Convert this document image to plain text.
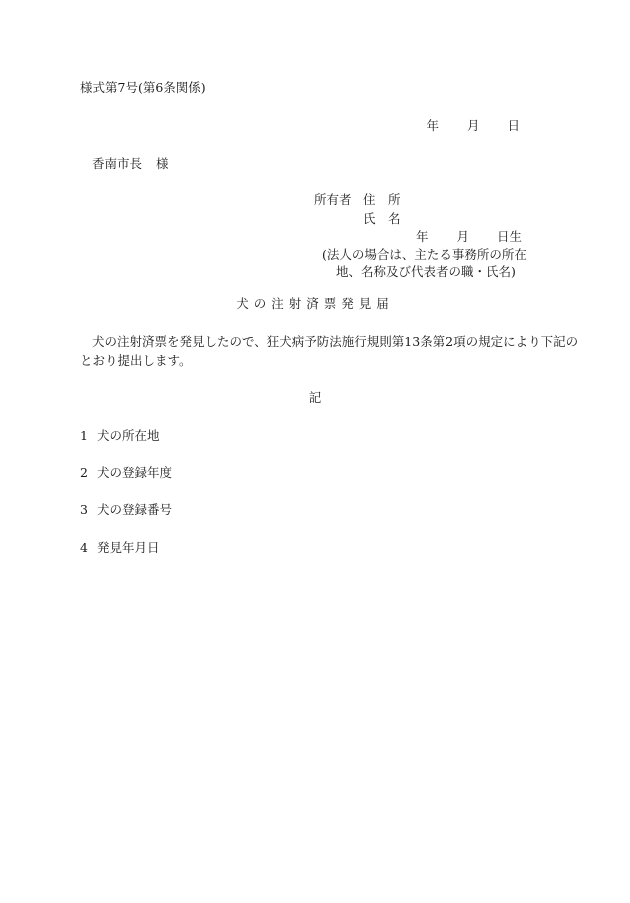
様式第7号(第6条関係)
年 月 日
香南市長 様
所有者 住　所
氏　名
年 月 日生
(法人の場合は、主たる事務所の所在
地、名称及び代表者の職・氏名)
犬の注射済票発見届
犬の注射済票を発見したので、狂犬病予防法施行規則第13条第2項の規定により下記の
とおり提出します。
記
1 犬の所在地
2 犬の登録年度
3 犬の登録番号
4 発見年月日
